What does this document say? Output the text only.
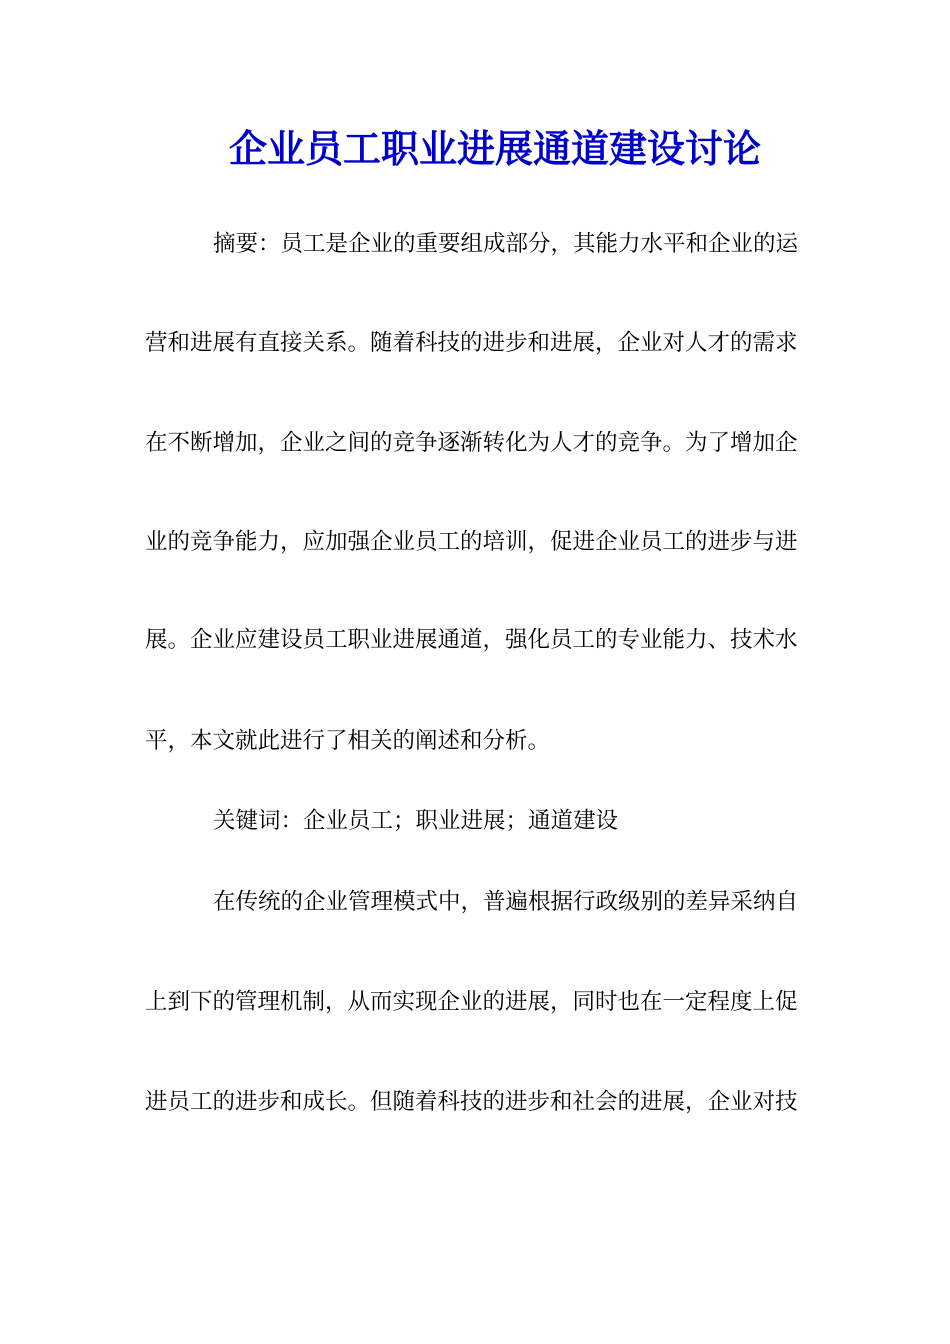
企业员工职业进展通道建设讨论
摘要：员工是企业的重要组成部分，其能力水平和企业的运
营和进展有直接关系。随着科技的进步和进展，企业对人才的需求
在不断增加，企业之间的竞争逐渐转化为人才的竞争。为了增加企
业的竞争能力，应加强企业员工的培训，促进企业员工的进步与进
展。企业应建设员工职业进展通道，强化员工的专业能力、技术水
平，本文就此进行了相关的阐述和分析。
关键词：企业员工；职业进展；通道建设
在传统的企业管理模式中，普遍根据行政级别的差异采纳自
上到下的管理机制，从而实现企业的进展，同时也在一定程度上促
进员工的进步和成长。但随着科技的进步和社会的进展，企业对技
